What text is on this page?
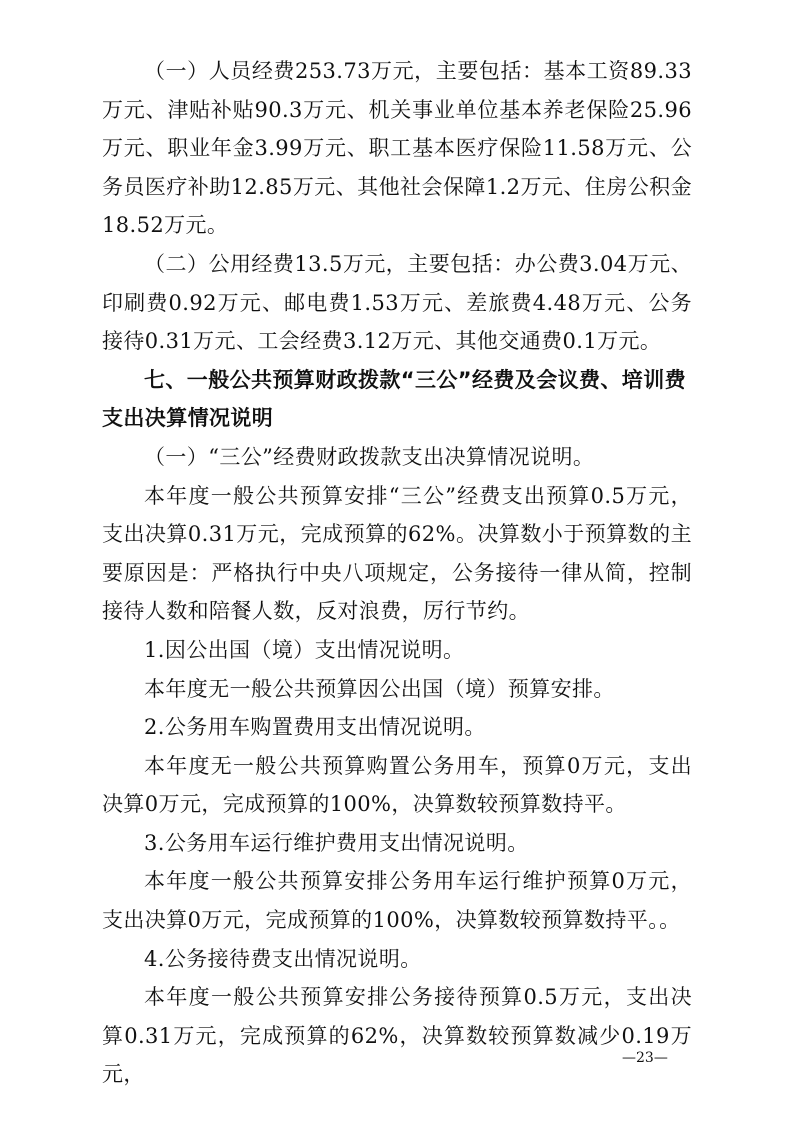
（一）人员经费253.73万元，主要包括：基本工资89.33万元、津贴补贴90.3万元、机关事业单位基本养老保险25.96万元、职业年金3.99万元、职工基本医疗保险11.58万元、公务员医疗补助12.85万元、其他社会保障1.2万元、住房公积金18.52万元。

（二）公用经费13.5万元，主要包括：办公费3.04万元、印刷费0.92万元、邮电费1.53万元、差旅费4.48万元、公务接待0.31万元、工会经费3.12万元、其他交通费0.1万元。

七、一般公共预算财政拨款“三公”经费及会议费、培训费支出决算情况说明

（一）“三公”经费财政拨款支出决算情况说明。

本年度一般公共预算安排“三公”经费支出预算0.5万元，支出决算0.31万元，完成预算的62%。决算数小于预算数的主要原因是：严格执行中央八项规定，公务接待一律从简，控制接待人数和陪餐人数，反对浪费，厉行节约。

1.因公出国（境）支出情况说明。

本年度无一般公共预算因公出国（境）预算安排。

2.公务用车购置费用支出情况说明。

本年度无一般公共预算购置公务用车，预算0万元，支出决算0万元，完成预算的100%，决算数较预算数持平。

3.公务用车运行维护费用支出情况说明。

本年度一般公共预算安排公务用车运行维护预算0万元，支出决算0万元，完成预算的100%，决算数较预算数持平。。

4.公务接待费支出情况说明。

本年度一般公共预算安排公务接待预算0.5万元，支出决算0.31万元，完成预算的62%，决算数较预算数减少0.19万元，

—23—
